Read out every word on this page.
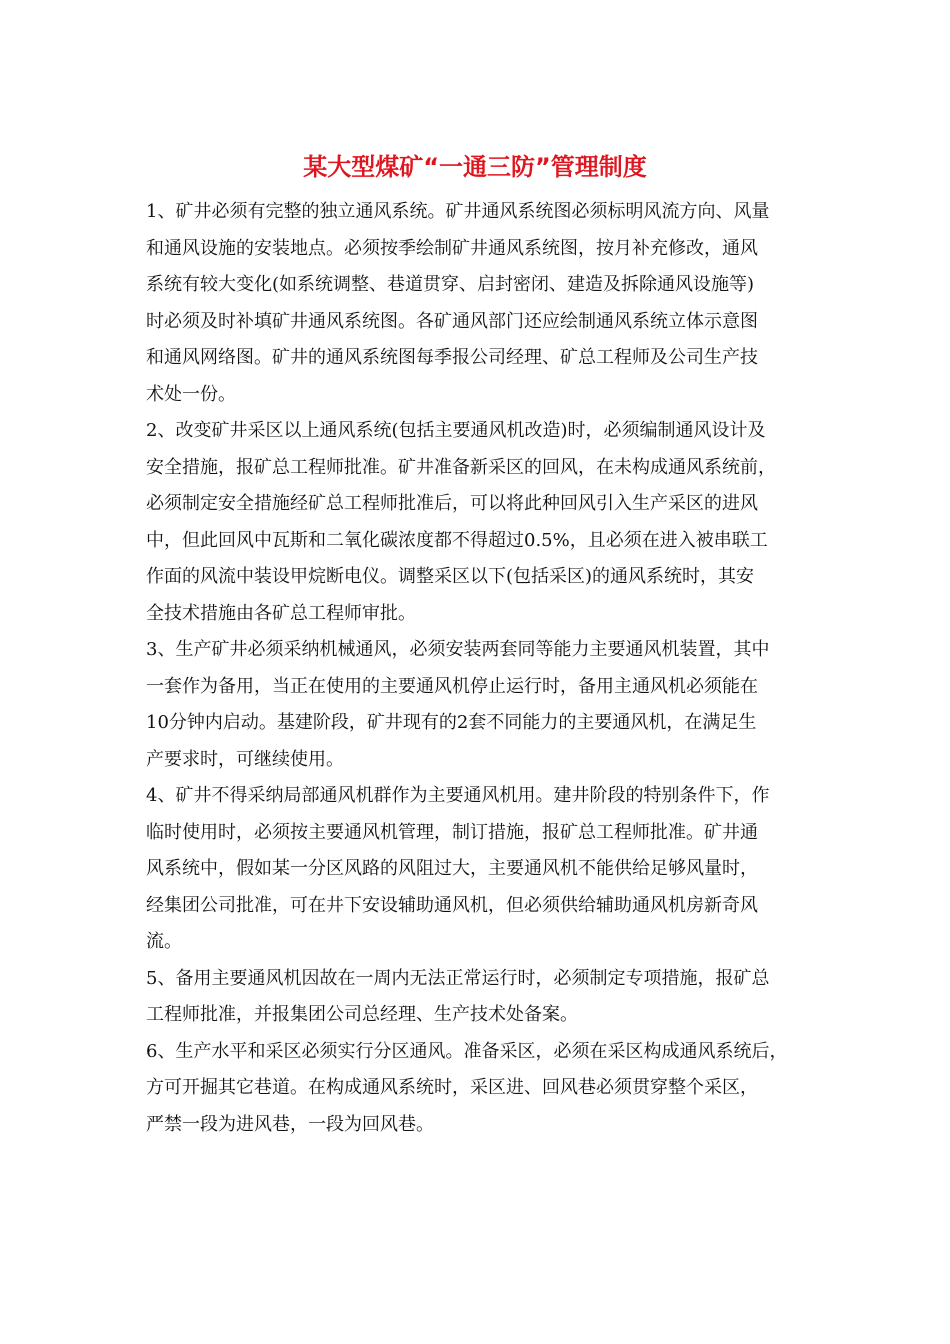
某大型煤矿“一通三防”管理制度
1、矿井必须有完整的独立通风系统。矿井通风系统图必须标明风流方向、风量
和通风设施的安装地点。必须按季绘制矿井通风系统图，按月补充修改，通风
系统有较大变化(如系统调整、巷道贯穿、启封密闭、建造及拆除通风设施等)
时必须及时补填矿井通风系统图。各矿通风部门还应绘制通风系统立体示意图
和通风网络图。矿井的通风系统图每季报公司经理、矿总工程师及公司生产技
术处一份。
2、改变矿井采区以上通风系统(包括主要通风机改造)时，必须编制通风设计及
安全措施，报矿总工程师批准。矿井准备新采区的回风，在未构成通风系统前，
必须制定安全措施经矿总工程师批准后，可以将此种回风引入生产采区的进风
中，但此回风中瓦斯和二氧化碳浓度都不得超过0.5%，且必须在进入被串联工
作面的风流中装设甲烷断电仪。调整采区以下(包括采区)的通风系统时，其安
全技术措施由各矿总工程师审批。
3、生产矿井必须采纳机械通风，必须安装两套同等能力主要通风机装置，其中
一套作为备用，当正在使用的主要通风机停止运行时，备用主通风机必须能在
10分钟内启动。基建阶段，矿井现有的2套不同能力的主要通风机，在满足生
产要求时，可继续使用。
4、矿井不得采纳局部通风机群作为主要通风机用。建井阶段的特别条件下，作
临时使用时，必须按主要通风机管理，制订措施，报矿总工程师批准。矿井通
风系统中，假如某一分区风路的风阻过大，主要通风机不能供给足够风量时，
经集团公司批准，可在井下安设辅助通风机，但必须供给辅助通风机房新奇风
流。
5、备用主要通风机因故在一周内无法正常运行时，必须制定专项措施，报矿总
工程师批准，并报集团公司总经理、生产技术处备案。
6、生产水平和采区必须实行分区通风。准备采区，必须在采区构成通风系统后，
方可开掘其它巷道。在构成通风系统时，采区进、回风巷必须贯穿整个采区，
严禁一段为进风巷，一段为回风巷。
